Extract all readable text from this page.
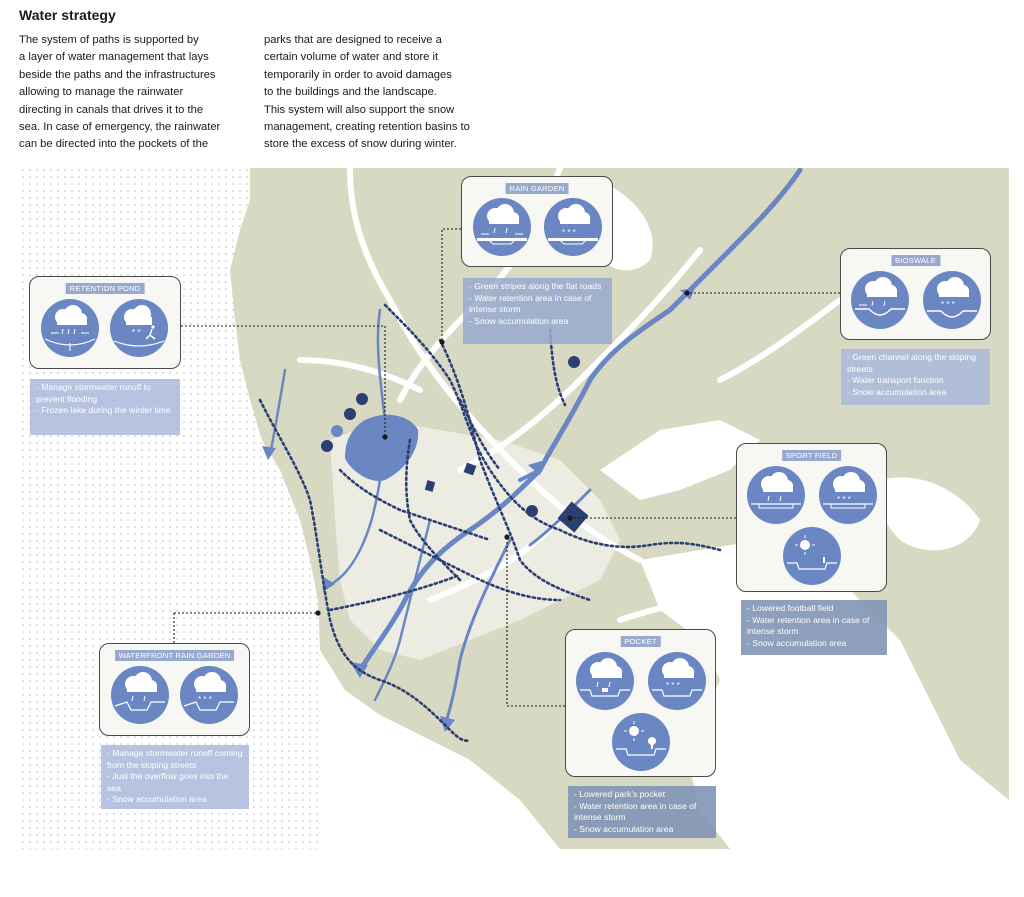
Water strategy
The system of paths is supported by
a layer of water management that lays
beside the paths and the infrastructures
allowing to manage the rainwater
directing in canals that drives it to the
sea. In case of emergency, the rainwater
can be directed into the pockets of the
parks that are designed to receive a
certain volume of water and store it
temporarily in order to avoid damages
to the buildings and the landscape.
This system will also support the snow
management, creating retention basins to
store the excess of snow during winter.
RETENTION POND
* *
- Manage stormwater runoff to prevent flooding
- Frozen lake during the winter time
RAIN GARDEN
* * *
- Green stripes along the flat roads
- Water retention area in case of intense storm
- Snow accumulation area
BIOSWALE
* * *
- Green channel along the sloping streets
- Water transport function
- Snow accumulation area
SPORT FIELD
* * *
- Lowered football field
- Water retention area in case of intense storm
- Snow accumulation area
WATERFRONT RAIN GARDEN
* * *
- Manage stormwater runoff coming from the sloping streets
- Just the overflow goes into the sea
- Snow accumulation area
POCKET
* * *
- Lowered park's pocket
- Water retention area in case of intense storm
- Snow accumulation area
